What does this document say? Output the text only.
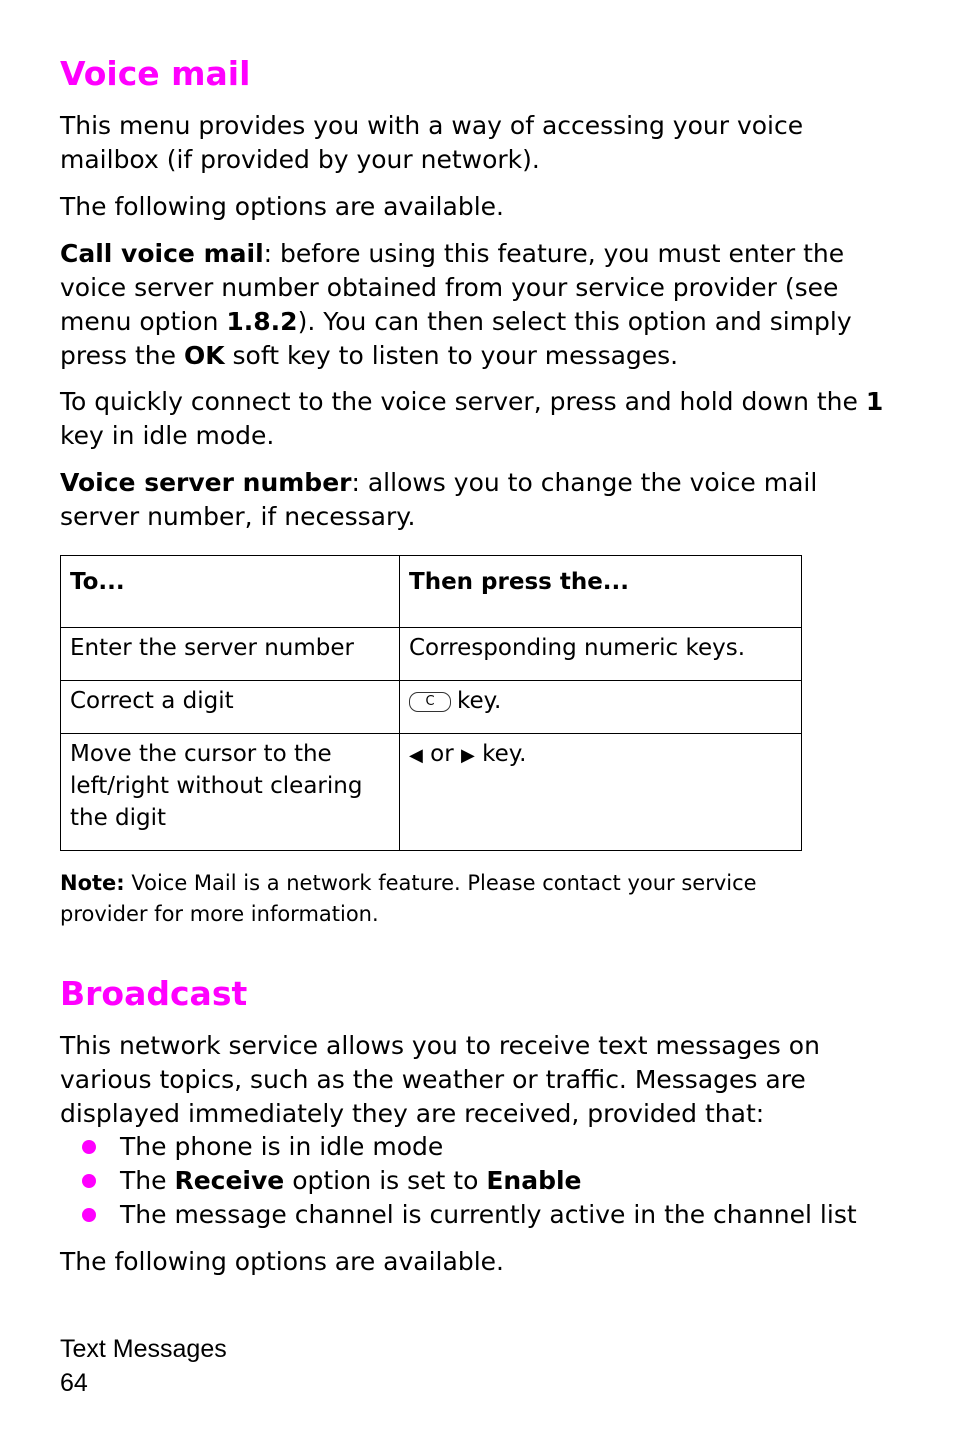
Voice mail

This menu provides you with a way of accessing your voice mailbox (if provided by your network).

The following options are available.

Call voice mail: before using this feature, you must enter the voice server number obtained from your service provider (see menu option 1.8.2). You can then select this option and simply press the OK soft key to listen to your messages.

To quickly connect to the voice server, press and hold down the 1 key in idle mode.

Voice server number: allows you to change the voice mail server number, if necessary.

To...	Then press the...
Enter the server number	Corresponding numeric keys.
Correct a digit	C key.
Move the cursor to the left/right without clearing the digit	◀ or ▶ key.

Note: Voice Mail is a network feature. Please contact your service provider for more information.

Broadcast

This network service allows you to receive text messages on various topics, such as the weather or traffic. Messages are displayed immediately they are received, provided that:

The phone is in idle mode
The Receive option is set to Enable
The message channel is currently active in the channel list

The following options are available.

Text Messages
64
